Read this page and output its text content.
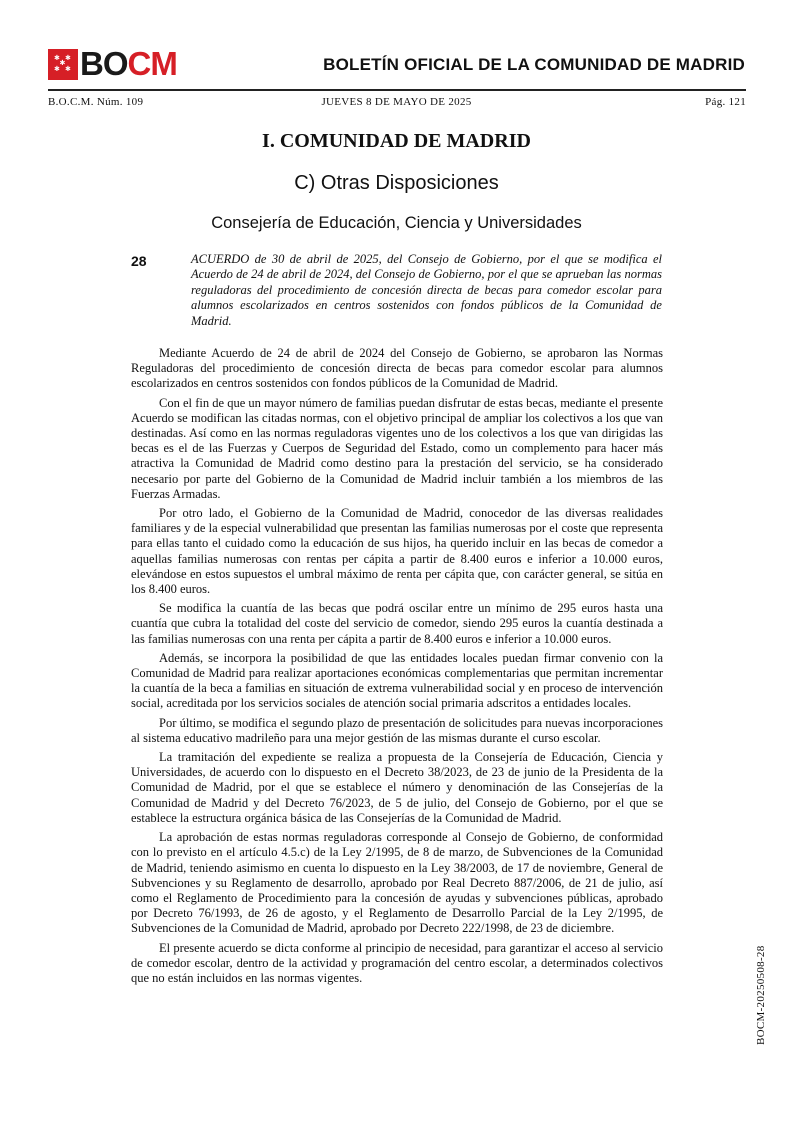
✱ ✱
✱ ✱
✱ BOCM	BOLETÍN OFICIAL DE LA COMUNIDAD DE MADRID
JUEVES 8 DE MAYO DE 2025
B.O.C.M. Núm. 109	Pág. 121
I. COMUNIDAD DE MADRID
C) Otras Disposiciones
Consejería de Educación, Ciencia y Universidades
28	ACUERDO de 30 de abril de 2025, del Consejo de Gobierno, por el que se modifica el Acuerdo de 24 de abril de 2024, del Consejo de Gobierno, por el que se aprueban las normas reguladoras del procedimiento de concesión directa de becas para comedor escolar para alumnos escolarizados en centros sostenidos con fondos públicos de la Comunidad de Madrid.

Mediante Acuerdo de 24 de abril de 2024 del Consejo de Gobierno, se aprobaron las Normas Reguladoras del procedimiento de concesión directa de becas para comedor escolar para alumnos escolarizados en centros sostenidos con fondos públicos de la Comunidad de Madrid.

Con el fin de que un mayor número de familias puedan disfrutar de estas becas, mediante el presente Acuerdo se modifican las citadas normas, con el objetivo principal de ampliar los colectivos a los que van destinadas. Así como en las normas reguladoras vigentes uno de los colectivos a los que van dirigidas las becas es el de las Fuerzas y Cuerpos de Seguridad del Estado, como un complemento para hacer más atractiva la Comunidad de Madrid como destino para la prestación del servicio, se ha considerado necesario por parte del Gobierno de la Comunidad de Madrid incluir también a los miembros de las Fuerzas Armadas.

Por otro lado, el Gobierno de la Comunidad de Madrid, conocedor de las diversas realidades familiares y de la especial vulnerabilidad que presentan las familias numerosas por el coste que representa para ellas tanto el cuidado como la educación de sus hijos, ha querido incluir en las becas de comedor a aquellas familias numerosas con rentas per cápita a partir de 8.400 euros e inferior a 10.000 euros, elevándose en estos supuestos el umbral máximo de renta per cápita que, con carácter general, se sitúa en los 8.400 euros.

Se modifica la cuantía de las becas que podrá oscilar entre un mínimo de 295 euros hasta una cuantía que cubra la totalidad del coste del servicio de comedor, siendo 295 euros la cuantía destinada a las familias numerosas con una renta per cápita a partir de 8.400 euros e inferior a 10.000 euros.

Además, se incorpora la posibilidad de que las entidades locales puedan firmar convenio con la Comunidad de Madrid para realizar aportaciones económicas complementarias que permitan incrementar la cuantía de la beca a familias en situación de extrema vulnerabilidad social y en proceso de intervención social, acreditada por los servicios sociales de atención social primaria adscritos a entidades locales.

Por último, se modifica el segundo plazo de presentación de solicitudes para nuevas incorporaciones al sistema educativo madrileño para una mejor gestión de las mismas durante el curso escolar.

La tramitación del expediente se realiza a propuesta de la Consejería de Educación, Ciencia y Universidades, de acuerdo con lo dispuesto en el Decreto 38/2023, de 23 de junio de la Presidenta de la Comunidad de Madrid, por el que se establece el número y denominación de las Consejerías de la Comunidad de Madrid y del Decreto 76/2023, de 5 de julio, del Consejo de Gobierno, por el que se establece la estructura orgánica básica de las Consejerías de la Comunidad de Madrid.

La aprobación de estas normas reguladoras corresponde al Consejo de Gobierno, de conformidad con lo previsto en el artículo 4.5.c) de la Ley 2/1995, de 8 de marzo, de Subvenciones de la Comunidad de Madrid, teniendo asimismo en cuenta lo dispuesto en la Ley 38/2003, de 17 de noviembre, General de Subvenciones y su Reglamento de desarrollo, aprobado por Real Decreto 887/2006, de 21 de julio, así como el Reglamento de Procedimiento para la concesión de ayudas y subvenciones públicas, aprobado por Decreto 76/1993, de 26 de agosto, y el Reglamento de Desarrollo Parcial de la Ley 2/1995, de Subvenciones de la Comunidad de Madrid, aprobado por Decreto 222/1998, de 23 de diciembre.

El presente acuerdo se dicta conforme al principio de necesidad, para garantizar el acceso al servicio de comedor escolar, dentro de la actividad y programación del centro escolar, a determinados colectivos que no están incluidos en las normas vigentes.	BOCM-20250508-28
